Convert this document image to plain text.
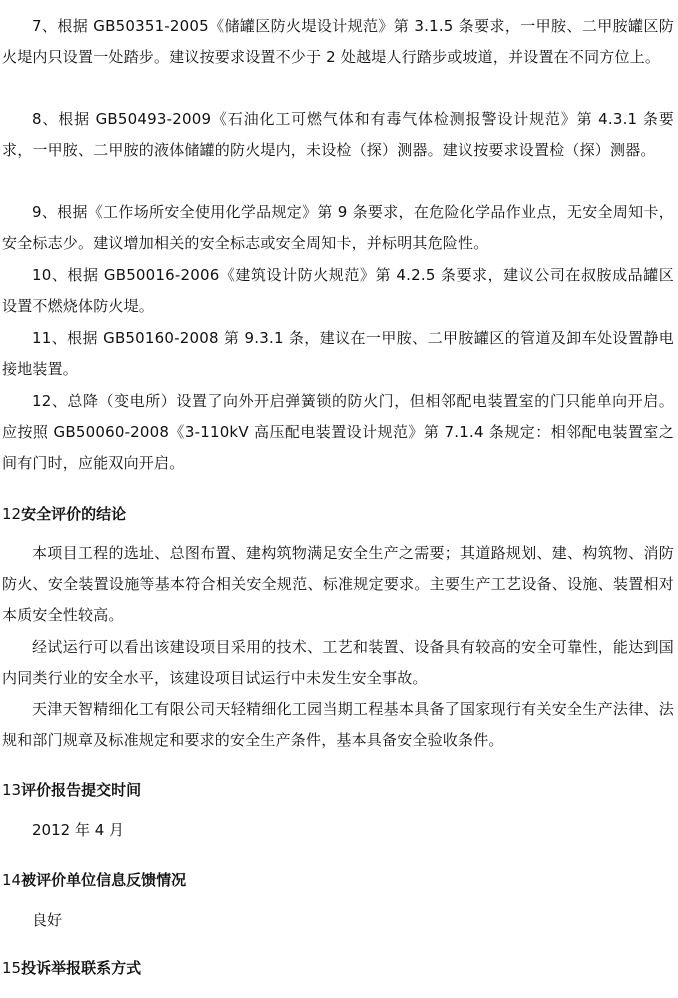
7、根据 GB50351-2005《储罐区防火堤设计规范》第 3.1.5 条要求，一甲胺、二甲胺罐区防火堤内只设置一处踏步。建议按要求设置不少于 2 处越堤人行踏步或坡道，并设置在不同方位上。

8、根据 GB50493-2009《石油化工可燃气体和有毒气体检测报警设计规范》第 4.3.1 条要求，一甲胺、二甲胺的液体储罐的防火堤内，未设检（探）测器。建议按要求设置检（探）测器。

9、根据《工作场所安全使用化学品规定》第 9 条要求，在危险化学品作业点，无安全周知卡，安全标志少。建议增加相关的安全标志或安全周知卡，并标明其危险性。

10、根据 GB50016-2006《建筑设计防火规范》第 4.2.5 条要求，建议公司在叔胺成品罐区设置不燃烧体防火堤。

11、根据 GB50160-2008 第 9.3.1 条，建议在一甲胺、二甲胺罐区的管道及卸车处设置静电接地装置。

12、总降（变电所）设置了向外开启弹簧锁的防火门，但相邻配电装置室的门只能单向开启。应按照 GB50060-2008《3-110kV 高压配电装置设计规范》第 7.1.4 条规定：相邻配电装置室之间有门时，应能双向开启。

12安全评价的结论

本项目工程的选址、总图布置、建构筑物满足安全生产之需要；其道路规划、建、构筑物、消防防火、安全装置设施等基本符合相关安全规范、标准规定要求。主要生产工艺设备、设施、装置相对本质安全性较高。

经试运行可以看出该建设项目采用的技术、工艺和装置、设备具有较高的安全可靠性，能达到国内同类行业的安全水平，该建设项目试运行中未发生安全事故。

天津天智精细化工有限公司天轻精细化工园当期工程基本具备了国家现行有关安全生产法律、法规和部门规章及标准规定和要求的安全生产条件，基本具备安全验收条件。

13评价报告提交时间

2012 年 4 月

14被评价单位信息反馈情况

良好

15投诉举报联系方式
